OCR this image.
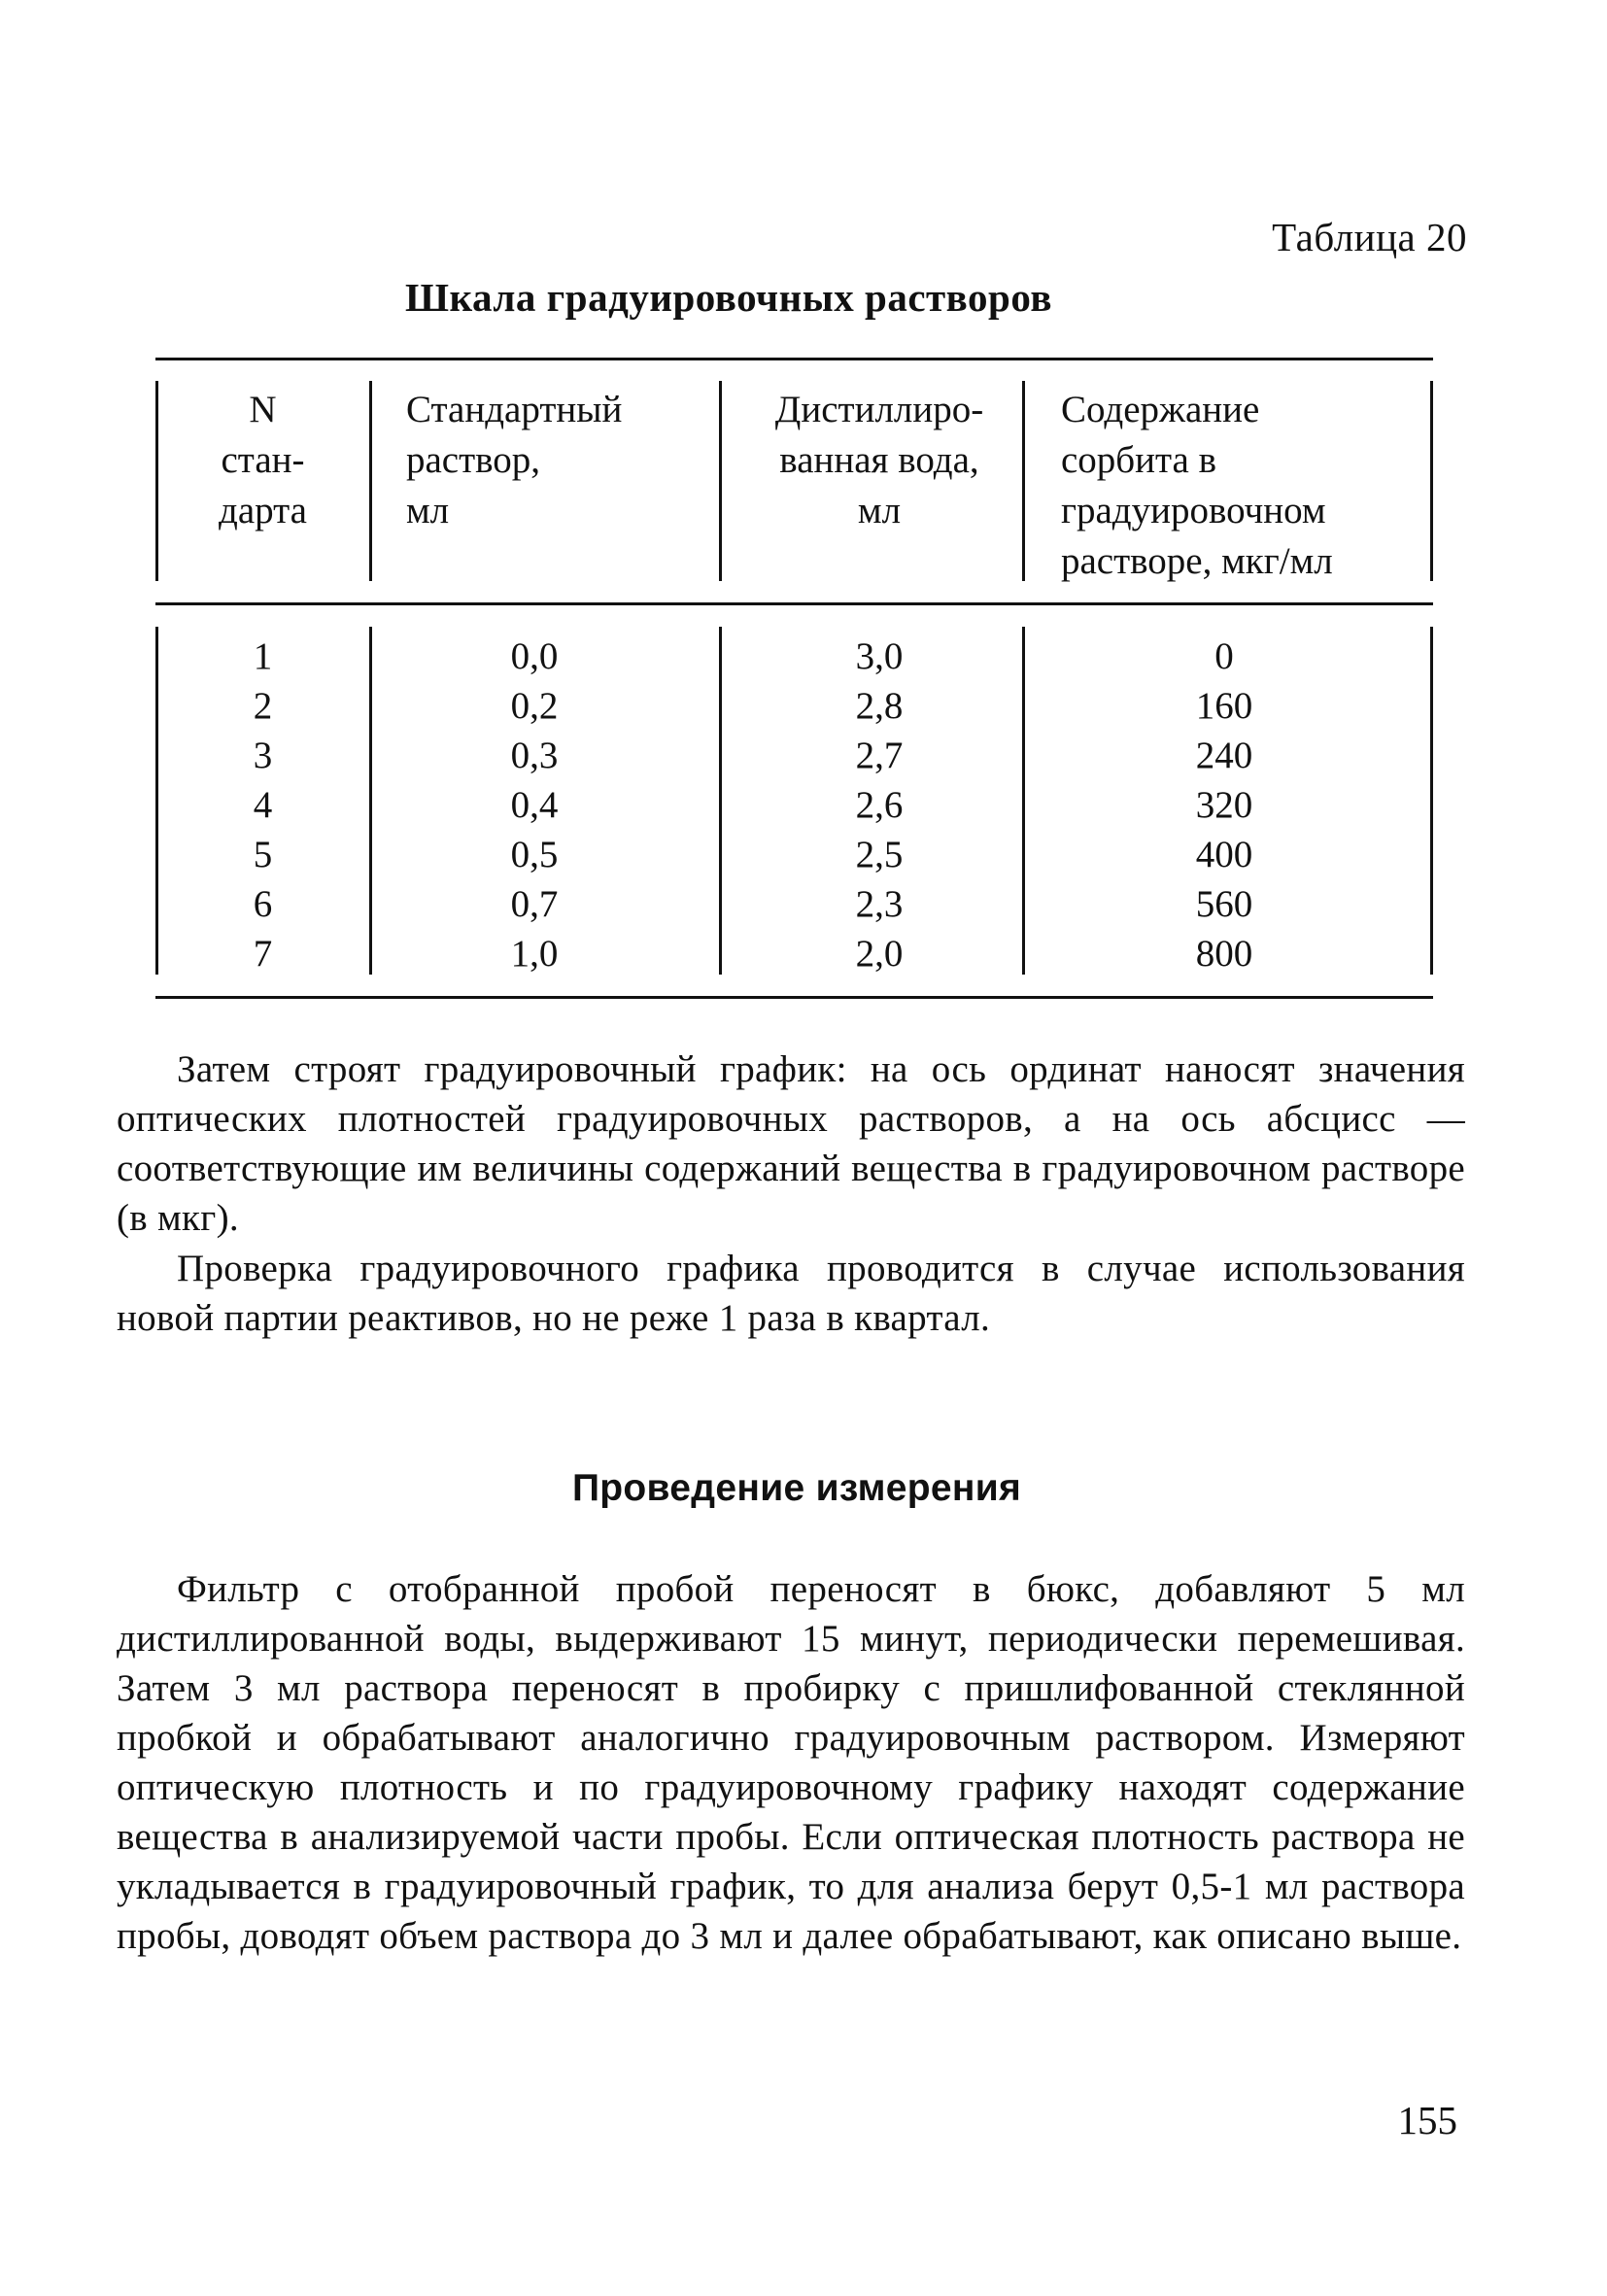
Таблица 20
Шкала градуировочных растворов
N
стан-
дарта
Стандартный
раствор,
мл
Дистиллиро-
ванная вода,
мл
Содержание
сорбита в
градуировочном
растворе, мкг/мл
1
2
3
4
5
6
7
0,0
0,2
0,3
0,4
0,5
0,7
1,0
3,0
2,8
2,7
2,6
2,5
2,3
2,0
0
160
240
320
400
560
800

Затем строят градуировочный график: на ось ординат наносят значения оптических плотностей градуировочных растворов, а на ось абсцисс — соответствующие им величины содержаний вещества в градуировочном растворе (в мкг).

Проверка градуировочного графика проводится в случае использования новой партии реактивов, но не реже 1 раза в квартал.

Проведение измерения

Фильтр с отобранной пробой переносят в бюкс, добавляют 5 мл дистиллированной воды, выдерживают 15 минут, периодически перемешивая. Затем 3 мл раствора переносят в пробирку с пришлифованной стеклянной пробкой и обрабатывают аналогично градуировочным раствором. Измеряют оптическую плотность и по градуировочному графику находят содержание вещества в анализируемой части пробы. Если оптическая плотность раствора не укладывается в градуировочный график, то для анализа берут 0,5-1 мл раствора пробы, доводят объем раствора до 3 мл и далее обрабатывают, как описано выше.

155
